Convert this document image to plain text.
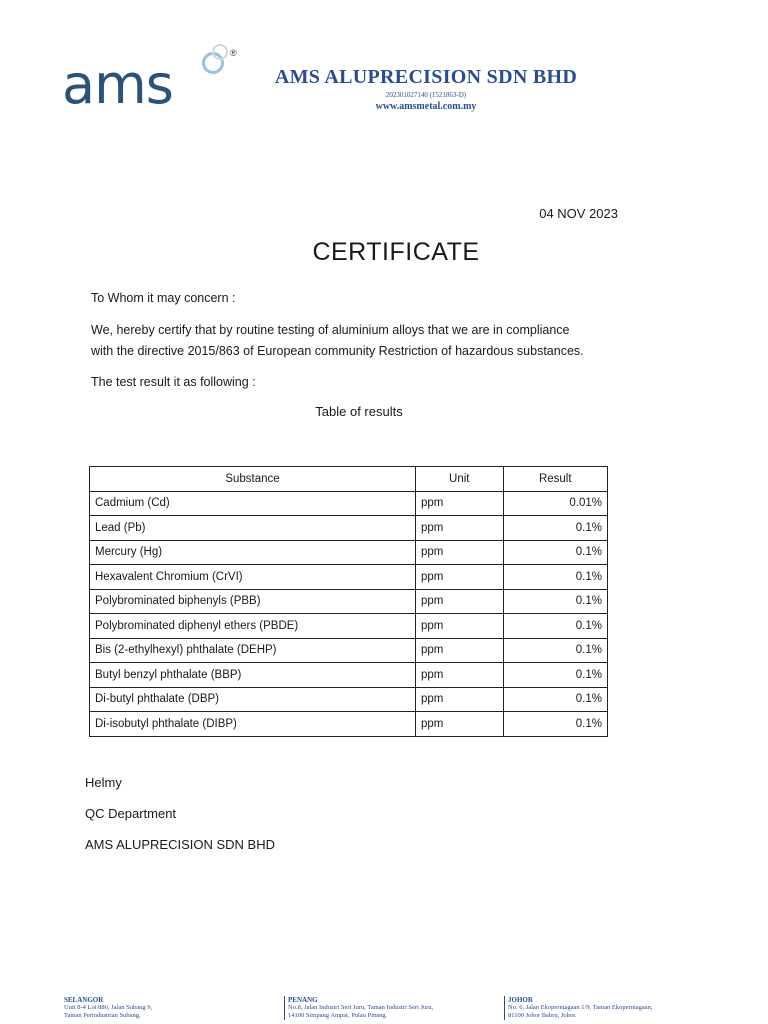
ams	®
AMS ALUPRECISION SDN BHD
202301027140 (1521863-D)
www.amsmetal.com.my
04 NOV 2023
CERTIFICATE
To Whom it may concern :
We, hereby certify that by routine testing of aluminium alloys that we are in compliance
with the directive 2015/863 of European community Restriction of hazardous substances.
The test result it as following :
Table of results
Substance	Unit	Result
Cadmium (Cd)	ppm	0.01%
Lead (Pb)	ppm	0.1%
Mercury (Hg)	ppm	0.1%
Hexavalent Chromium (CrVI)	ppm	0.1%
Polybrominated biphenyls (PBB)	ppm	0.1%
Polybrominated diphenyl ethers (PBDE)	ppm	0.1%
Bis (2-ethylhexyl) phthalate (DEHP)	ppm	0.1%
Butyl benzyl phthalate (BBP)	ppm	0.1%
Di-butyl phthalate (DBP)	ppm	0.1%
Di-isobutyl phthalate (DIBP)	ppm	0.1%
Helmy
QC Department
AMS ALUPRECISION SDN BHD
SELANGOR
Unit 8-4 Lot 886, Jalan Subang 9,
Taman Perindustrian Subang,
PENANG
No.8, Jalan Industri Seri Juru, Taman Industri Seri Juru,
14100 Simpang Ampat, Pulau Pinang.
JOHOR
No. 6, Jalan Ekoperniagaan 1/9, Taman Ekoperniagaan,
81100 Johor Bahru, Johor.
